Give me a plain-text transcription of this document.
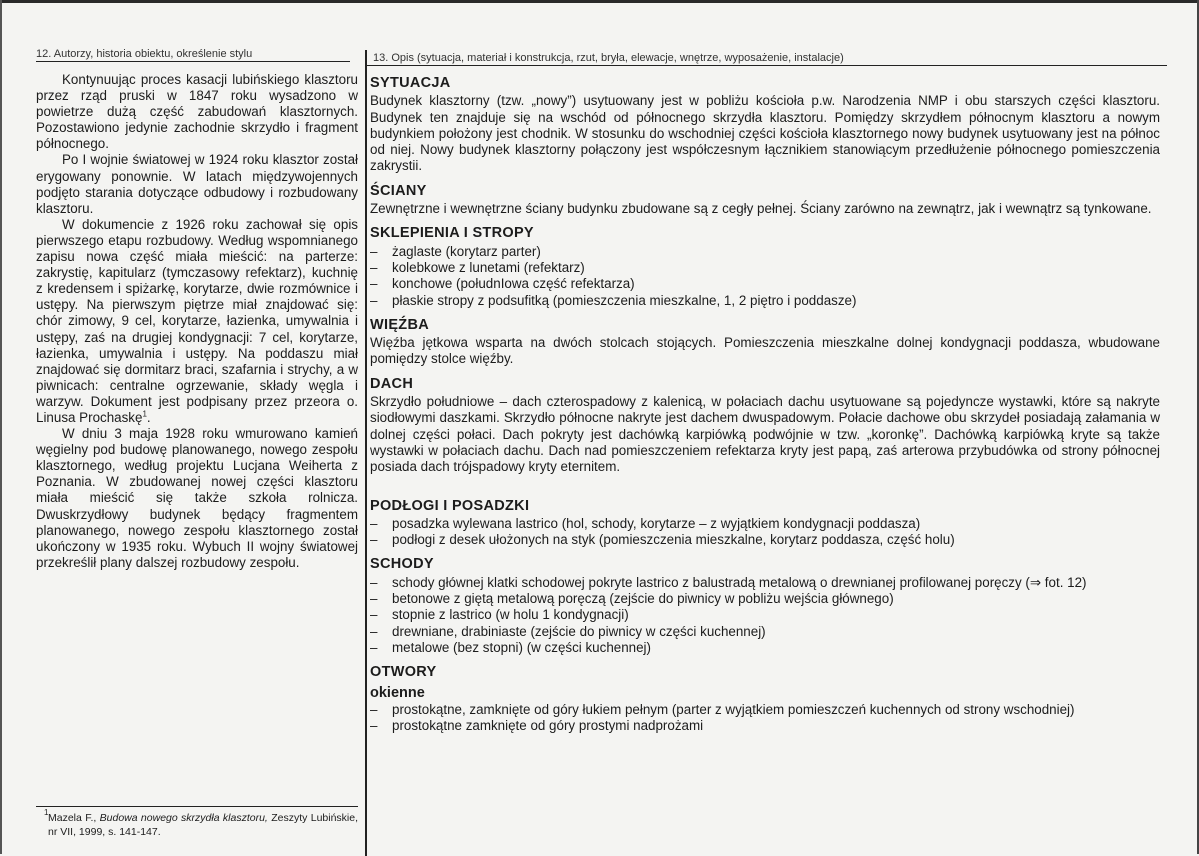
12. Autorzy, historia obiektu, określenie stylu

Kontynuując proces kasacji lubińskiego klasztoru przez rząd pruski w 1847 roku wysadzono w powietrze dużą część zabudowań klasztornych. Pozostawiono jedynie zachodnie skrzydło i fragment północnego.

Po I wojnie światowej w 1924 roku klasztor został erygowany ponownie. W latach międzywojennych podjęto starania dotyczące odbudowy i rozbudowany klasztoru.

W dokumencie z 1926 roku zachował się opis pierwszego etapu rozbudowy. Według wspomnianego zapisu nowa część miała mieścić: na parterze: zakrystię, kapitularz (tymczasowy refektarz), kuchnię z kredensem i spiżarkę, korytarze, dwie rozmównice i ustępy. Na pierwszym piętrze miał znajdować się: chór zimowy, 9 cel, korytarze, łazienka, umywalnia i ustępy, zaś na drugiej kondygnacji: 7 cel, korytarze, łazienka, umywalnia i ustępy. Na poddaszu miał znajdować się dormitarz braci, szafarnia i strychy, a w piwnicach: centralne ogrzewanie, składy węgla i warzyw. Dokument jest podpisany przez przeora o. Linusa Prochaskę$^1$.

W dniu 3 maja 1928 roku wmurowano kamień węgielny pod budowę planowanego, nowego zespołu klasztornego, według projektu Lucjana Weiherta z Poznania. W zbudowanej nowej części klasztoru miała mieścić się także szkoła rolnicza. Dwuskrzydłowy budynek będący fragmentem planowanego, nowego zespołu klasztornego został ukończony w 1935 roku. Wybuch II wojny światowej przekreślił plany dalszej rozbudowy zespołu.

1 Mazela F., Budowa nowego skrzydła klasztoru, Zeszyty Lubińskie, nr VII, 1999, s. 141-147.
13. Opis (sytuacja, materiał i konstrukcja, rzut, bryła, elewacje, wnętrze, wyposażenie, instalacje)
SYTUACJA
Budynek klasztorny (tzw. „nowy”) usytuowany jest w pobliżu kościoła p.w. Narodzenia NMP i obu starszych części klasztoru. Budynek ten znajduje się na wschód od północnego skrzydła klasztoru. Pomiędzy skrzydłem północnym klasztoru a nowym budynkiem położony jest chodnik. W stosunku do wschodniej części kościoła klasztornego nowy budynek usytuowany jest na północ od niej. Nowy budynek klasztorny połączony jest współczesnym łącznikiem stanowiącym przedłużenie północnego pomieszczenia zakrystii.
ŚCIANY
Zewnętrzne i wewnętrzne ściany budynku zbudowane są z cegły pełnej. Ściany zarówno na zewnątrz, jak i wewnątrz są tynkowane.
SKLEPIENIA I STROPY
– żaglaste (korytarz parter)
– kolebkowe z lunetami (refektarz)
– konchowe (połudnIowa część refektarza)
– płaskie stropy z podsufitką (pomieszczenia mieszkalne, 1, 2 piętro i poddasze)
WIĘŹBA
Więźba jętkowa wsparta na dwóch stolcach stojących. Pomieszczenia mieszkalne dolnej kondygnacji poddasza, wbudowane pomiędzy stolce więźby.
DACH
Skrzydło południowe – dach czterospadowy z kalenicą, w połaciach dachu usytuowane są pojedyncze wystawki, które są nakryte siodłowymi daszkami. Skrzydło północne nakryte jest dachem dwuspadowym. Połacie dachowe obu skrzydeł posiadają załamania w dolnej części połaci. Dach pokryty jest dachówką karpiówką podwójnie w tzw. „koronkę”. Dachówką karpiówką kryte są także wystawki w połaciach dachu. Dach nad pomieszczeniem refektarza kryty jest papą, zaś arterowa przybudówka od strony północnej posiada dach trójspadowy kryty eternitem.
PODŁOGI I POSADZKI
– posadzka wylewana lastrico (hol, schody, korytarze – z wyjątkiem kondygnacji poddasza)
– podłogi z desek ułożonych na styk (pomieszczenia mieszkalne, korytarz poddasza, część holu)
SCHODY
– schody głównej klatki schodowej pokryte lastrico z balustradą metalową o drewnianej profilowanej poręczy (⇒ fot. 12)
– betonowe z giętą metalową poręczą (zejście do piwnicy w pobliżu wejścia głównego)
– stopnie z lastrico (w holu 1 kondygnacji)
– drewniane, drabiniaste (zejście do piwnicy w części kuchennej)
– metalowe (bez stopni) (w części kuchennej)
OTWORY
okienne
– prostokątne, zamknięte od góry łukiem pełnym (parter z wyjątkiem pomieszczeń kuchennych od strony wschodniej)
– prostokątne zamknięte od góry prostymi nadprożami
